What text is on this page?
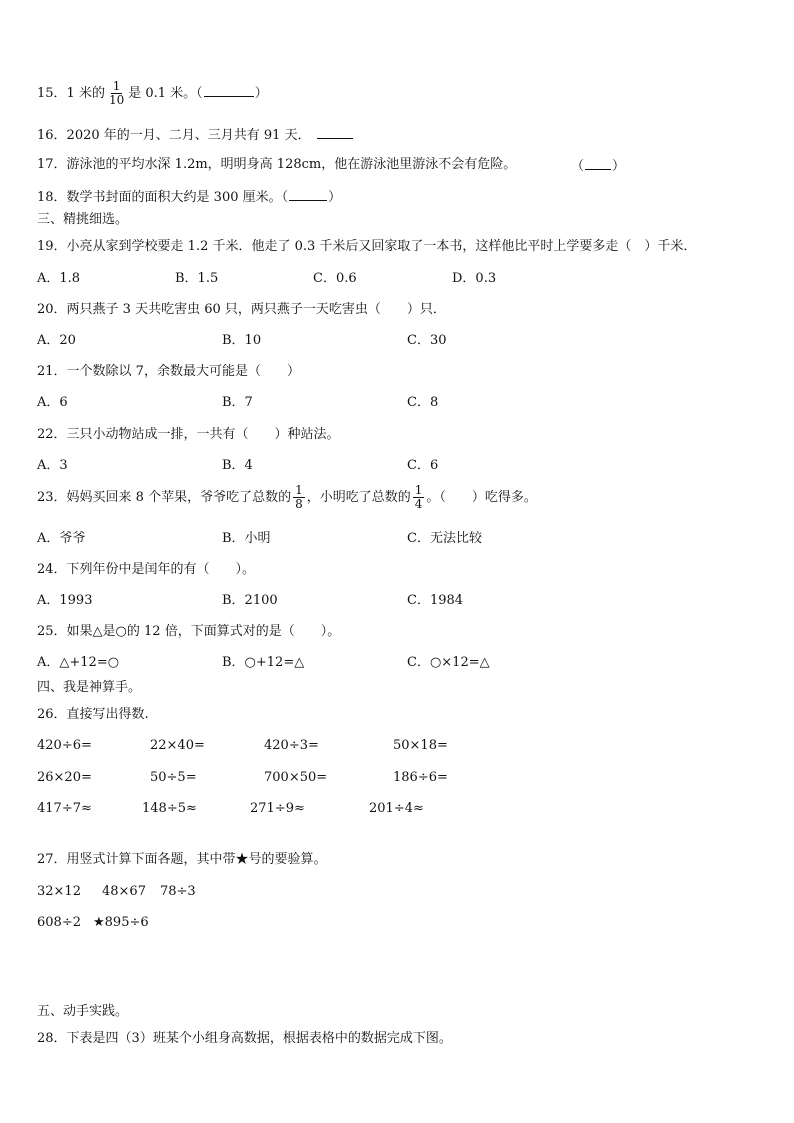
15．1 米的 $\frac{1}{10}$ 是 0.1 米。（	）
16．2020 年的一月、二月、三月共有 91 天．
17．游泳池的平均水深 1.2m，明明身高 128cm，他在游泳池里游泳不会有危险。	（ ）
18．数学书封面的面积大约是 300 厘米。（	）
三、精挑细选。
19．小亮从家到学校要走 1.2 千米．他走了 0.3 千米后又回家取了一本书，这样他比平时上学要多走（　）千米．
A．1.8	B．1.5	C．0.6	D．0.3
20．两只燕子 3 天共吃害虫 60 只，两只燕子一天吃害虫（　　）只．
A．20	B．10	C．30
21．一个数除以 7，余数最大可能是（　　）
A．6	B．7	C．8
22．三只小动物站成一排，一共有（　　）种站法。
A．3	B．4	C．6
23．妈妈买回来 8 个苹果，爷爷吃了总数的 $\frac{1}{8}$ ，小明吃了总数的 $\frac{1}{4}$ 。（　　）吃得多。
A．爷爷	B．小明	C．无法比较
24．下列年份中是闰年的有（　　）。
A．1993	B．2100	C．1984
25．如果△是○的 12 倍，下面算式对的是（　　）。
A．△+12=○	B．○+12=△	C．○×12=△
四、我是神算手。
26．直接写出得数.
420÷6=	22×40=	420÷3=	50×18=
26×20=	50÷5=	700×50=	186÷6=
417÷7≈	148÷5≈	271÷9≈	201÷4≈
27．用竖式计算下面各题，其中带★号的要验算。
32×12 48×67 78÷3
608÷2 ★895÷6
五、动手实践。
28．下表是四（3）班某个小组身高数据，根据表格中的数据完成下图。
